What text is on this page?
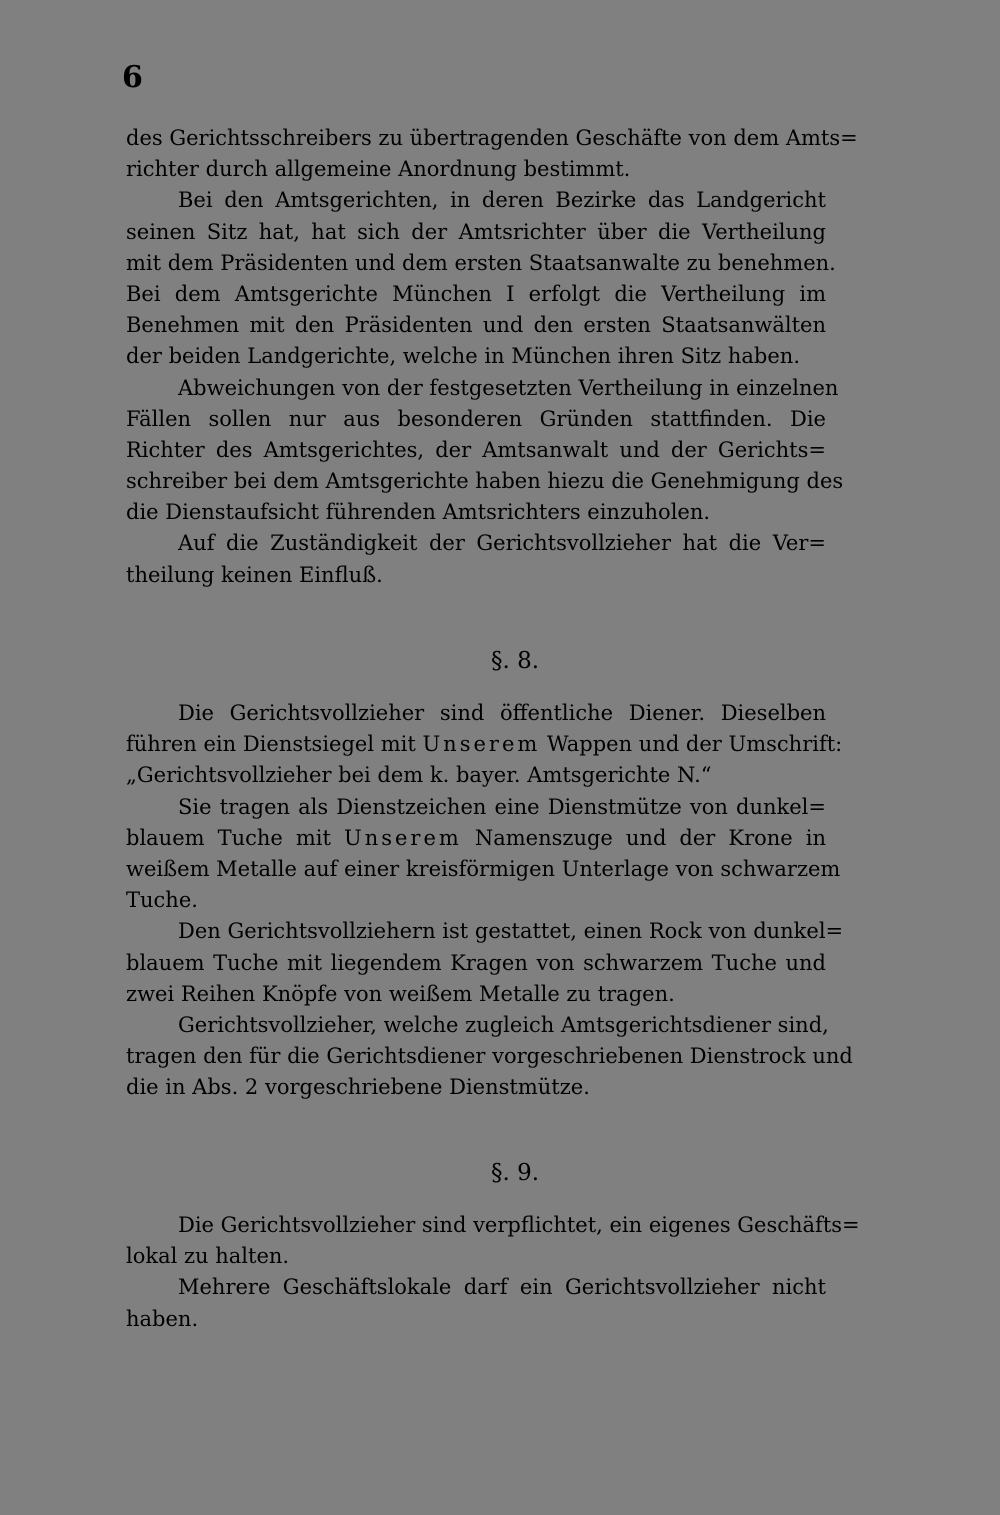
6
des Gerichtsschreibers zu übertragenden Geschäfte von dem Amts=
richter durch allgemeine Anordnung bestimmt.
Bei den Amtsgerichten, in deren Bezirke das Landgericht
seinen Sitz hat, hat sich der Amtsrichter über die Vertheilung
mit dem Präsidenten und dem ersten Staatsanwalte zu benehmen.
Bei dem Amtsgerichte München I erfolgt die Vertheilung im
Benehmen mit den Präsidenten und den ersten Staatsanwälten
der beiden Landgerichte, welche in München ihren Sitz haben.
Abweichungen von der festgesetzten Vertheilung in einzelnen
Fällen sollen nur aus besonderen Gründen stattfinden. Die
Richter des Amtsgerichtes, der Amtsanwalt und der Gerichts=
schreiber bei dem Amtsgerichte haben hiezu die Genehmigung des
die Dienstaufsicht führenden Amtsrichters einzuholen.
Auf die Zuständigkeit der Gerichtsvollzieher hat die Ver=
theilung keinen Einfluß.
§. 8.
Die Gerichtsvollzieher sind öffentliche Diener. Dieselben
führen ein Dienstsiegel mit Unserem Wappen und der Umschrift:
„Gerichtsvollzieher bei dem k. bayer. Amtsgerichte N.“
Sie tragen als Dienstzeichen eine Dienstmütze von dunkel=
blauem Tuche mit Unserem Namenszuge und der Krone in
weißem Metalle auf einer kreisförmigen Unterlage von schwarzem
Tuche.
Den Gerichtsvollziehern ist gestattet, einen Rock von dunkel=
blauem Tuche mit liegendem Kragen von schwarzem Tuche und
zwei Reihen Knöpfe von weißem Metalle zu tragen.
Gerichtsvollzieher, welche zugleich Amtsgerichtsdiener sind,
tragen den für die Gerichtsdiener vorgeschriebenen Dienstrock und
die in Abs. 2 vorgeschriebene Dienstmütze.
§. 9.
Die Gerichtsvollzieher sind verpflichtet, ein eigenes Geschäfts=
lokal zu halten.
Mehrere Geschäftslokale darf ein Gerichtsvollzieher nicht
haben.
